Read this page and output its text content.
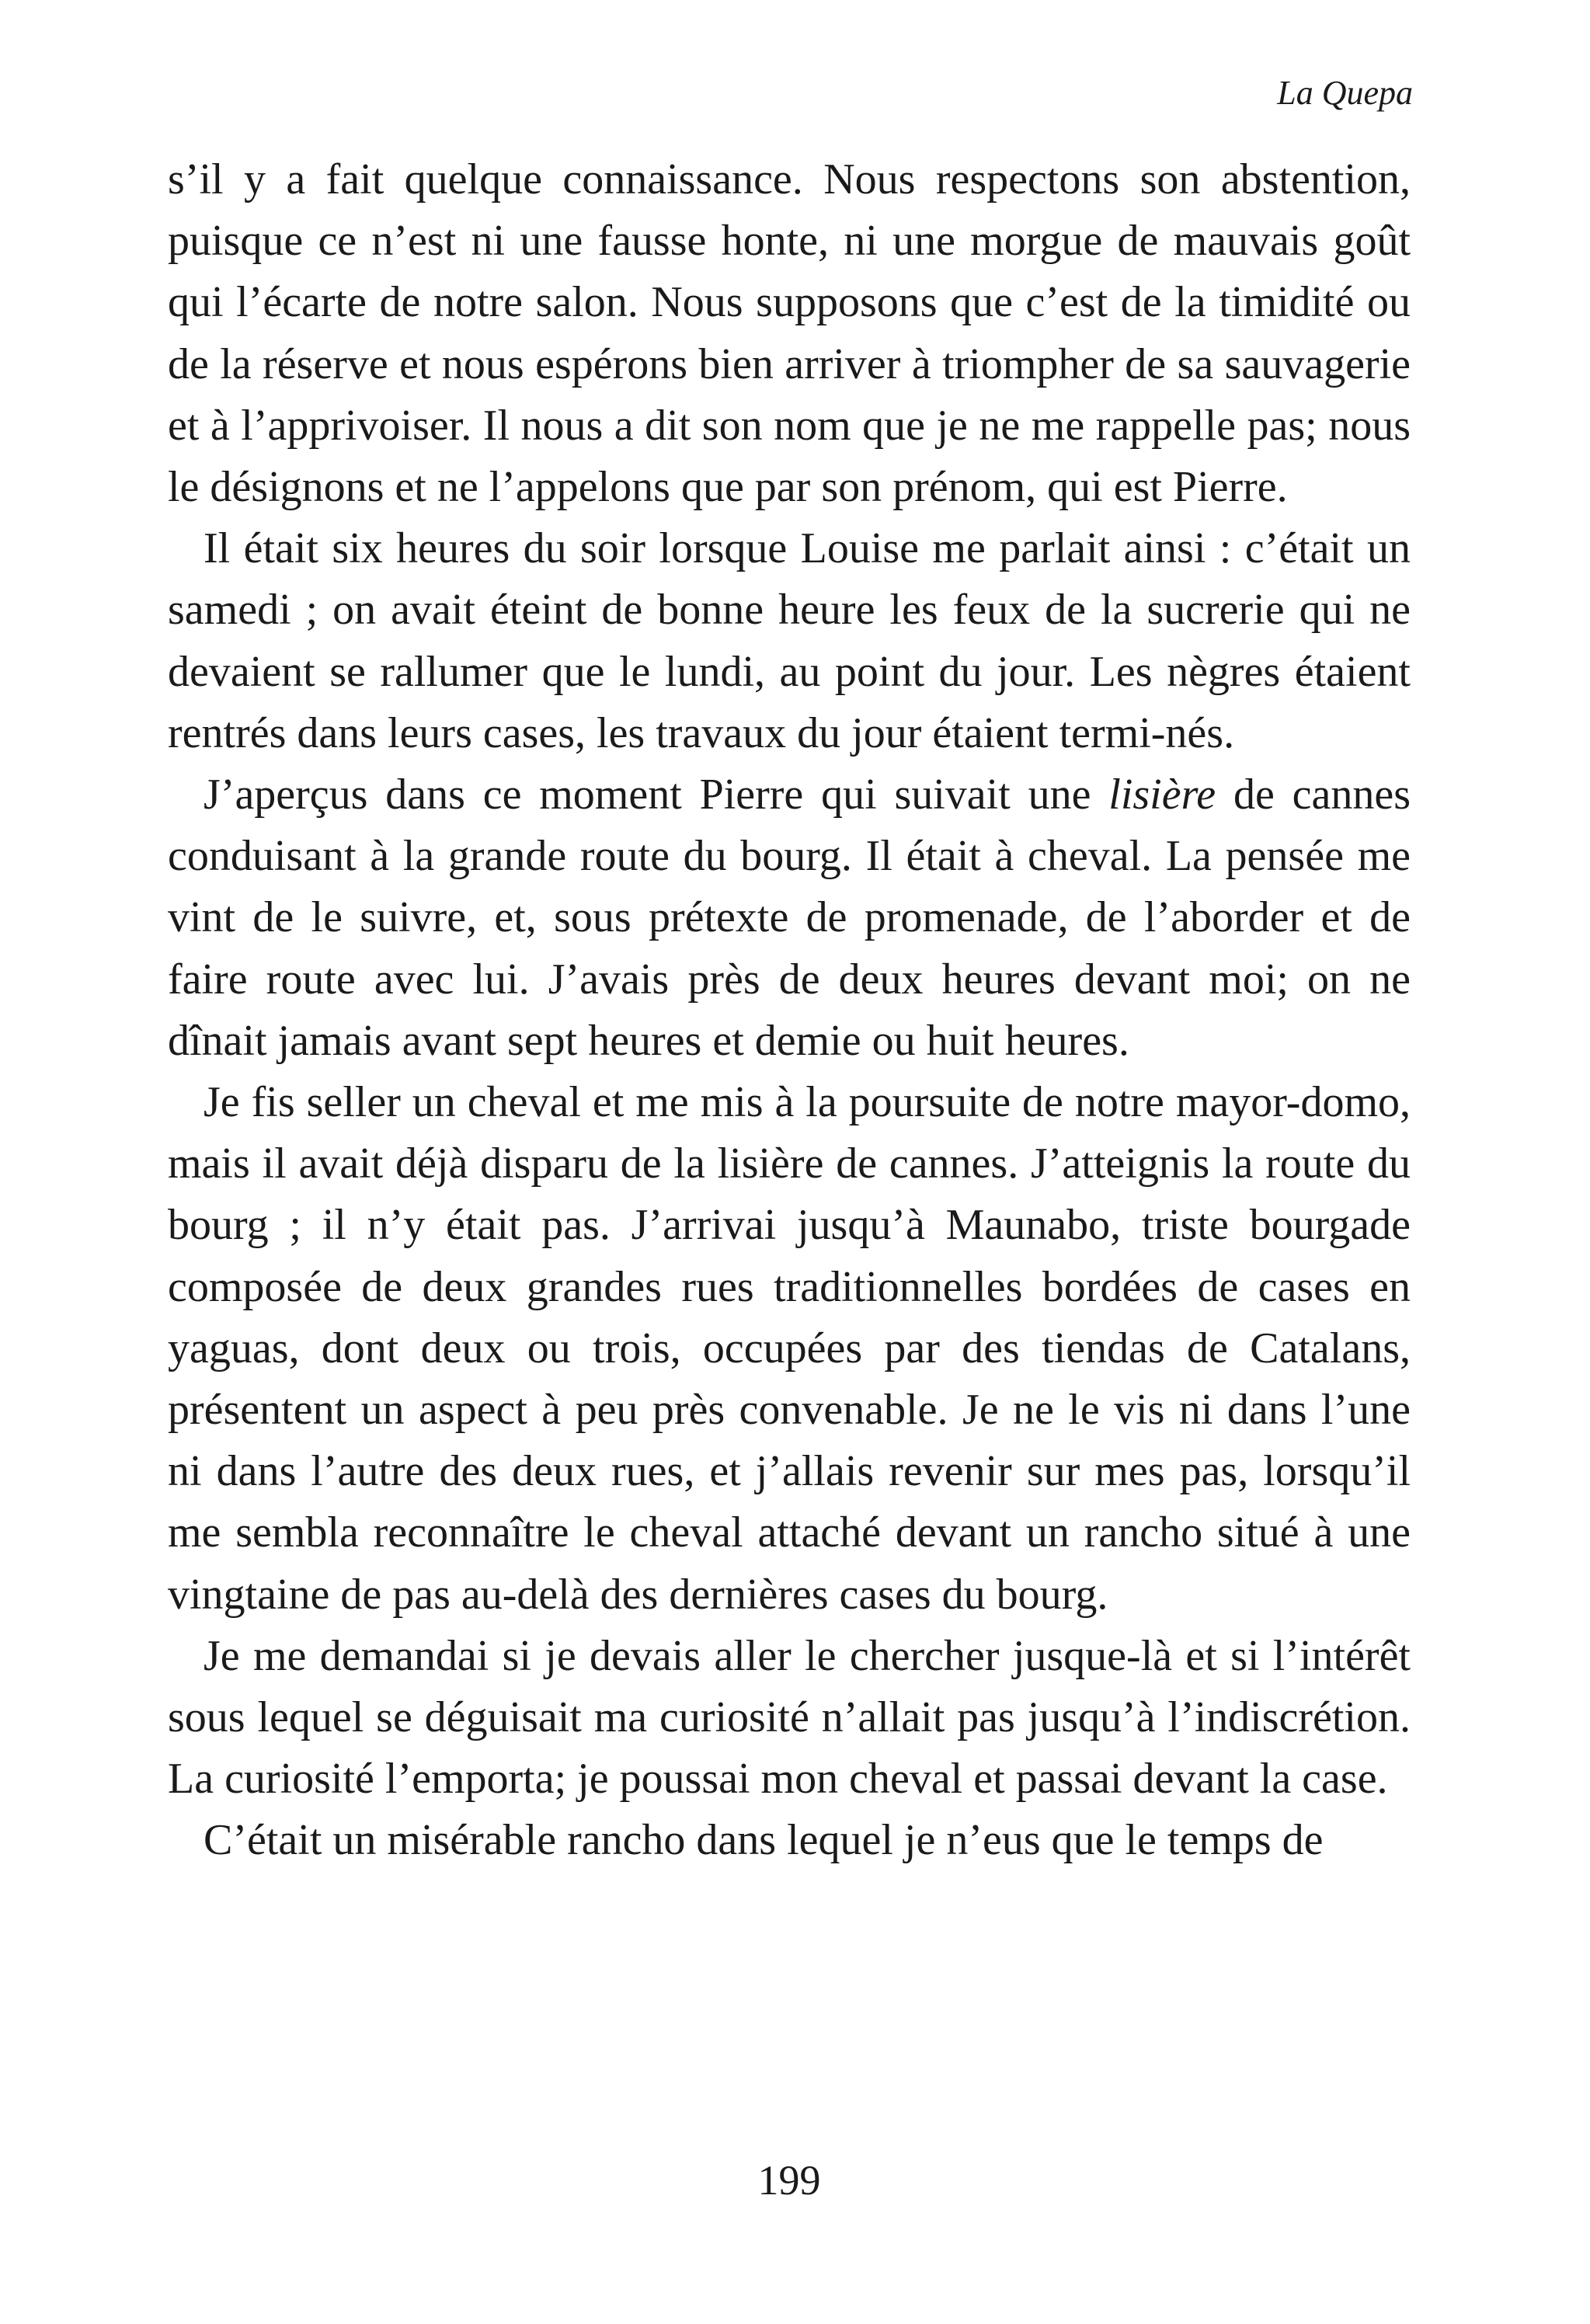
La Quepa

s’il y a fait quelque connaissance. Nous respectons son abstention, puisque ce n’est ni une fausse honte, ni une morgue de mauvais goût qui l’écarte de notre salon. Nous supposons que c’est de la timidité ou de la réserve et nous espérons bien arriver à triompher de sa sauvagerie et à l’apprivoiser. Il nous a dit son nom que je ne me rappelle pas; nous le désignons et ne l’appelons que par son prénom, qui est Pierre.

Il était six heures du soir lorsque Louise me parlait ainsi : c’était un samedi ; on avait éteint de bonne heure les feux de la sucrerie qui ne devaient se rallumer que le lundi, au point du jour. Les nègres étaient rentrés dans leurs cases, les travaux du jour étaient termi-nés.

J’aperçus dans ce moment Pierre qui suivait une lisière de cannes conduisant à la grande route du bourg. Il était à cheval. La pensée me vint de le suivre, et, sous prétexte de promenade, de l’aborder et de faire route avec lui. J’avais près de deux heures devant moi; on ne dînait jamais avant sept heures et demie ou huit heures.

Je fis seller un cheval et me mis à la poursuite de notre mayor-domo, mais il avait déjà disparu de la lisière de cannes. J’atteignis la route du bourg ; il n’y était pas. J’arrivai jusqu’à Maunabo, triste bourgade composée de deux grandes rues traditionnelles bordées de cases en yaguas, dont deux ou trois, occupées par des tiendas de Catalans, présentent un aspect à peu près convenable. Je ne le vis ni dans l’une ni dans l’autre des deux rues, et j’allais revenir sur mes pas, lorsqu’il me sembla reconnaître le cheval attaché devant un rancho situé à une vingtaine de pas au-delà des dernières cases du bourg.

Je me demandai si je devais aller le chercher jusque-là et si l’intérêt sous lequel se déguisait ma curiosité n’allait pas jusqu’à l’indiscrétion. La curiosité l’emporta; je poussai mon cheval et passai devant la case.

C’était un misérable rancho dans lequel je n’eus que le temps de

199
